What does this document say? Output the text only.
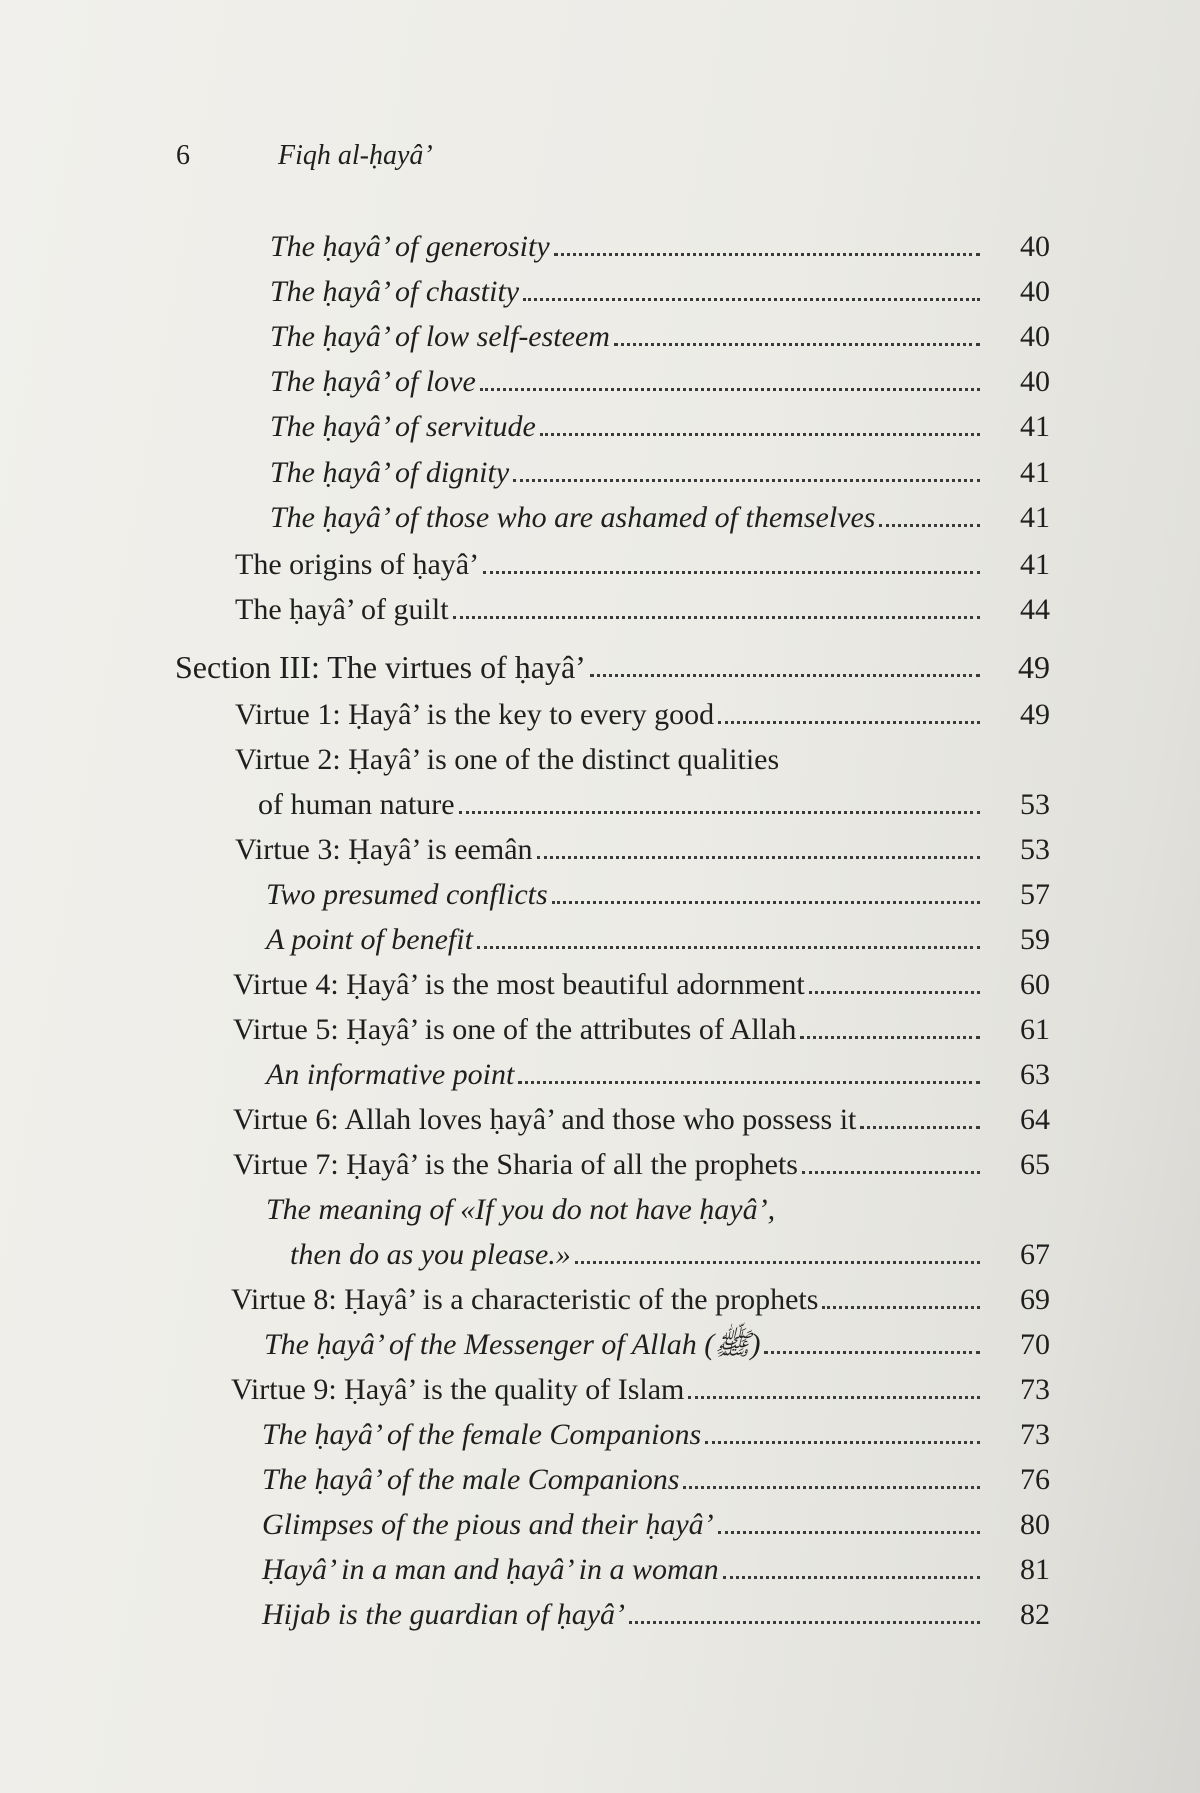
6	Fiqh al-ḥayâ’
The ḥayâ’ of generosity	40
The ḥayâ’ of chastity	40
The ḥayâ’ of low self-esteem	40
The ḥayâ’ of love	40
The ḥayâ’ of servitude	41
The ḥayâ’ of dignity	41
The ḥayâ’ of those who are ashamed of themselves	41
The origins of ḥayâ’	41
The ḥayâ’ of guilt	44
Section III: The virtues of ḥayâ’	49
Virtue 1: Ḥayâ’ is the key to every good	49
Virtue 2: Ḥayâ’ is one of the distinct qualities
of human nature	53
Virtue 3: Ḥayâ’ is eemân	53
Two presumed conflicts	57
A point of benefit	59
Virtue 4: Ḥayâ’ is the most beautiful adornment	60
Virtue 5: Ḥayâ’ is one of the attributes of Allah	61
An informative point	63
Virtue 6: Allah loves ḥayâ’ and those who possess it	64
Virtue 7: Ḥayâ’ is the Sharia of all the prophets	65
The meaning of «If you do not have ḥayâ’,
then do as you please.»	67
Virtue 8: Ḥayâ’ is a characteristic of the prophets	69
The ḥayâ’ of the Messenger of Allah (ﷺ)	70
Virtue 9: Ḥayâ’ is the quality of Islam	73
The ḥayâ’ of the female Companions	73
The ḥayâ’ of the male Companions	76
Glimpses of the pious and their ḥayâ’	80
Ḥayâ’ in a man and ḥayâ’ in a woman	81
Hijab is the guardian of ḥayâ’	82
